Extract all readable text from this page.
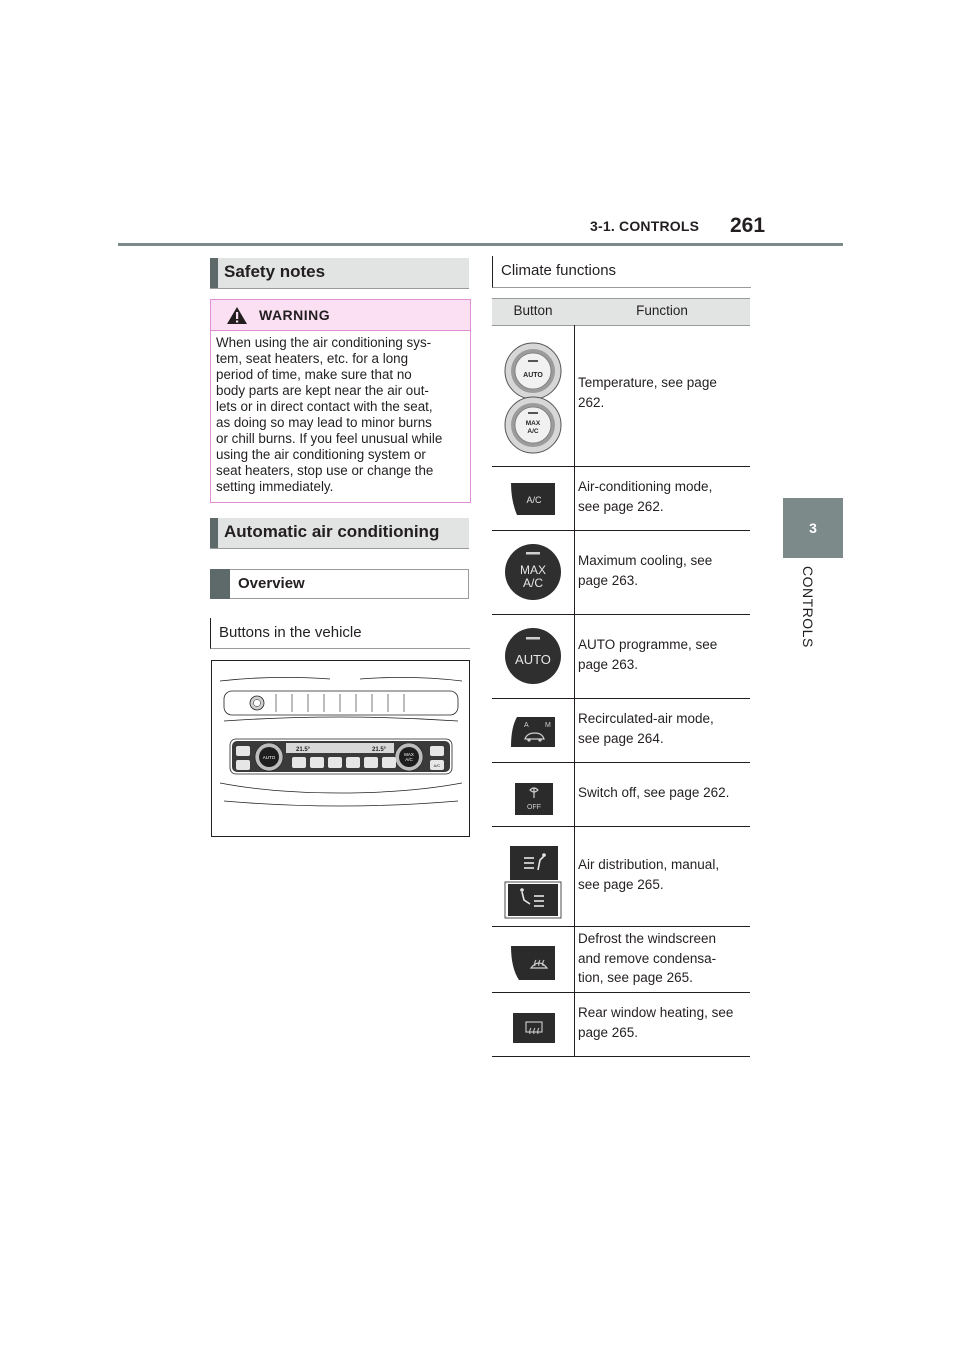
3-1. CONTROLS 261
3
CONTROLS
Safety notes
WARNING
When using the air conditioning sys-
tem, seat heaters, etc. for a long
period of time, make sure that no
body parts are kept near the air out-
lets or in direct contact with the seat,
as doing so may lead to minor burns
or chill burns. If you feel unusual while
using the air conditioning system or
seat heaters, stop use or change the
setting immediately.
Automatic air conditioning
Overview
Buttons in the vehicle
AUTO
MAX
A/C
21.5°	21.5°
A/C
Climate functions
Button	Function
AUTO
MAX
A/C
Temperature, see page
262.
A/C
Air-conditioning mode,
see page 262.
MAX
A/C
Maximum cooling, see
page 263.
AUTO
AUTO programme, see
page 263.
A M Recirculated-air mode,
see page 264.
OFF
Switch off, see page 262.
Air distribution, manual,
see page 265.
Defrost the windscreen
and remove condensa-
tion, see page 265.
Rear window heating, see
page 265.
